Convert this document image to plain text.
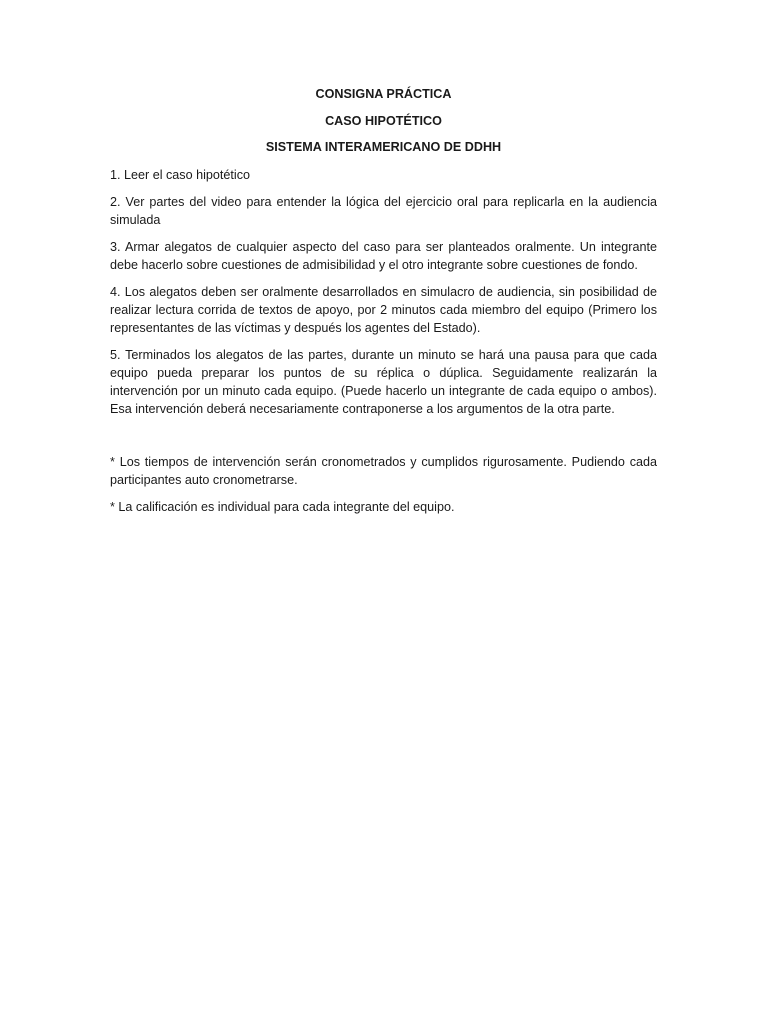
CONSIGNA PRÁCTICA
CASO HIPOTÉTICO
SISTEMA INTERAMERICANO DE DDHH

1. Leer el caso hipotético

2. Ver partes del video para entender la lógica del ejercicio oral para replicarla en la audiencia simulada

3. Armar alegatos de cualquier aspecto del caso para ser planteados oralmente. Un integrante debe hacerlo sobre cuestiones de admisibilidad y el otro integrante sobre cuestiones de fondo.

4. Los alegatos deben ser oralmente desarrollados en simulacro de audiencia, sin posibilidad de realizar lectura corrida de textos de apoyo, por 2 minutos cada miembro del equipo (Primero los representantes de las víctimas y después los agentes del Estado).

5. Terminados los alegatos de las partes, durante un minuto se hará una pausa para que cada equipo pueda preparar los puntos de su réplica o dúplica. Seguidamente realizarán la intervención por un minuto cada equipo. (Puede hacerlo un integrante de cada equipo o ambos). Esa intervención deberá necesariamente contraponerse a los argumentos de la otra parte.

* Los tiempos de intervención serán cronometrados y cumplidos rigurosamente. Pudiendo cada participantes auto cronometrarse.

* La calificación es individual para cada integrante del equipo.
